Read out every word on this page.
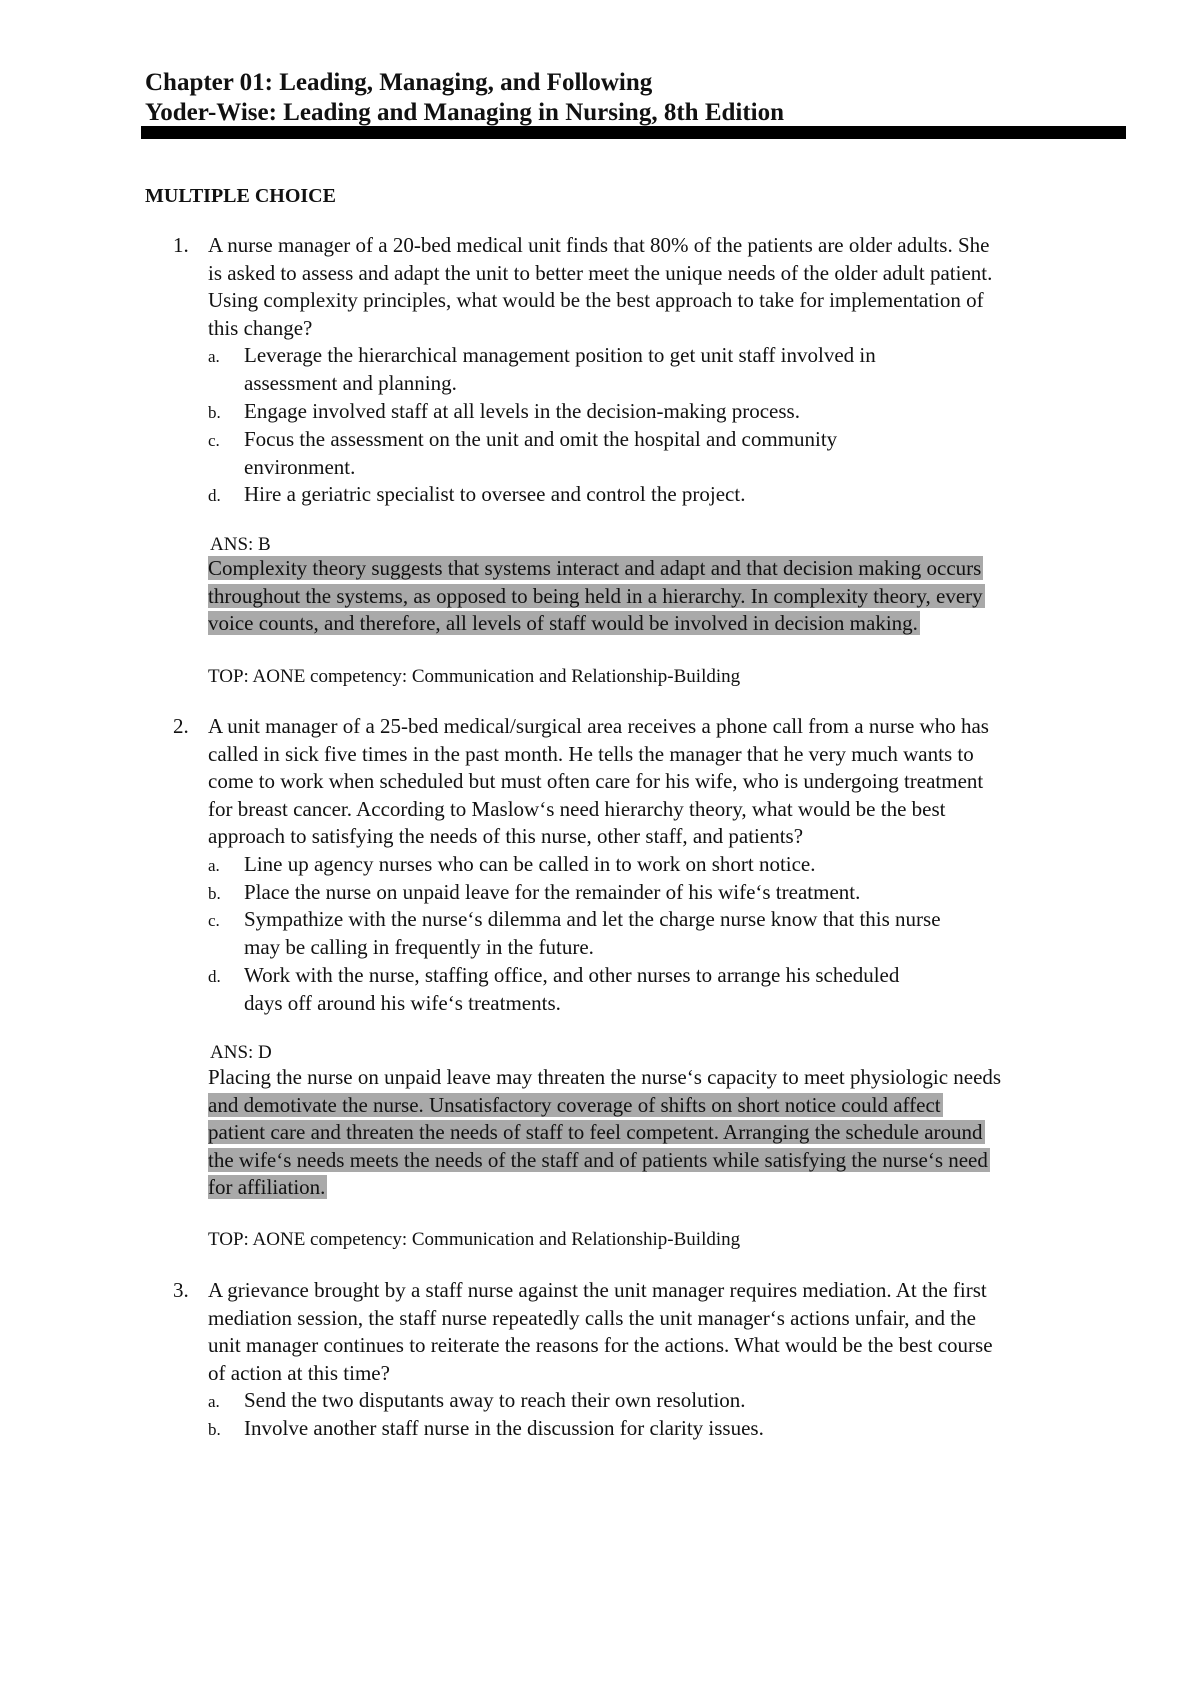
Chapter 01: Leading, Managing, and Following
Yoder-Wise: Leading and Managing in Nursing, 8th Edition
MULTIPLE CHOICE
1. A nurse manager of a 20-bed medical unit finds that 80% of the patients are older adults. She
is asked to assess and adapt the unit to better meet the unique needs of the older adult patient.
Using complexity principles, what would be the best approach to take for implementation of
this change?
a. Leverage the hierarchical management position to get unit staff involved in
assessment and planning.
b. Engage involved staff at all levels in the decision-making process.
c. Focus the assessment on the unit and omit the hospital and community
environment.
d. Hire a geriatric specialist to oversee and control the project.
ANS: B
Complexity theory suggests that systems interact and adapt and that decision making occurs
throughout the systems, as opposed to being held in a hierarchy. In complexity theory, every
voice counts, and therefore, all levels of staff would be involved in decision making.
TOP: AONE competency: Communication and Relationship-Building
2. A unit manager of a 25-bed medical/surgical area receives a phone call from a nurse who has
called in sick five times in the past month. He tells the manager that he very much wants to
come to work when scheduled but must often care for his wife, who is undergoing treatment
for breast cancer. According to Maslow‘s need hierarchy theory, what would be the best
approach to satisfying the needs of this nurse, other staff, and patients?
a. Line up agency nurses who can be called in to work on short notice.
b. Place the nurse on unpaid leave for the remainder of his wife‘s treatment.
c. Sympathize with the nurse‘s dilemma and let the charge nurse know that this nurse
may be calling in frequently in the future.
d. Work with the nurse, staffing office, and other nurses to arrange his scheduled
days off around his wife‘s treatments.
ANS: D
Placing the nurse on unpaid leave may threaten the nurse‘s capacity to meet physiologic needs
and demotivate the nurse. Unsatisfactory coverage of shifts on short notice could affect
patient care and threaten the needs of staff to feel competent. Arranging the schedule around
the wife‘s needs meets the needs of the staff and of patients while satisfying the nurse‘s need
for affiliation.
TOP: AONE competency: Communication and Relationship-Building
3. A grievance brought by a staff nurse against the unit manager requires mediation. At the first
mediation session, the staff nurse repeatedly calls the unit manager‘s actions unfair, and the
unit manager continues to reiterate the reasons for the actions. What would be the best course
of action at this time?
a. Send the two disputants away to reach their own resolution.
b. Involve another staff nurse in the discussion for clarity issues.
